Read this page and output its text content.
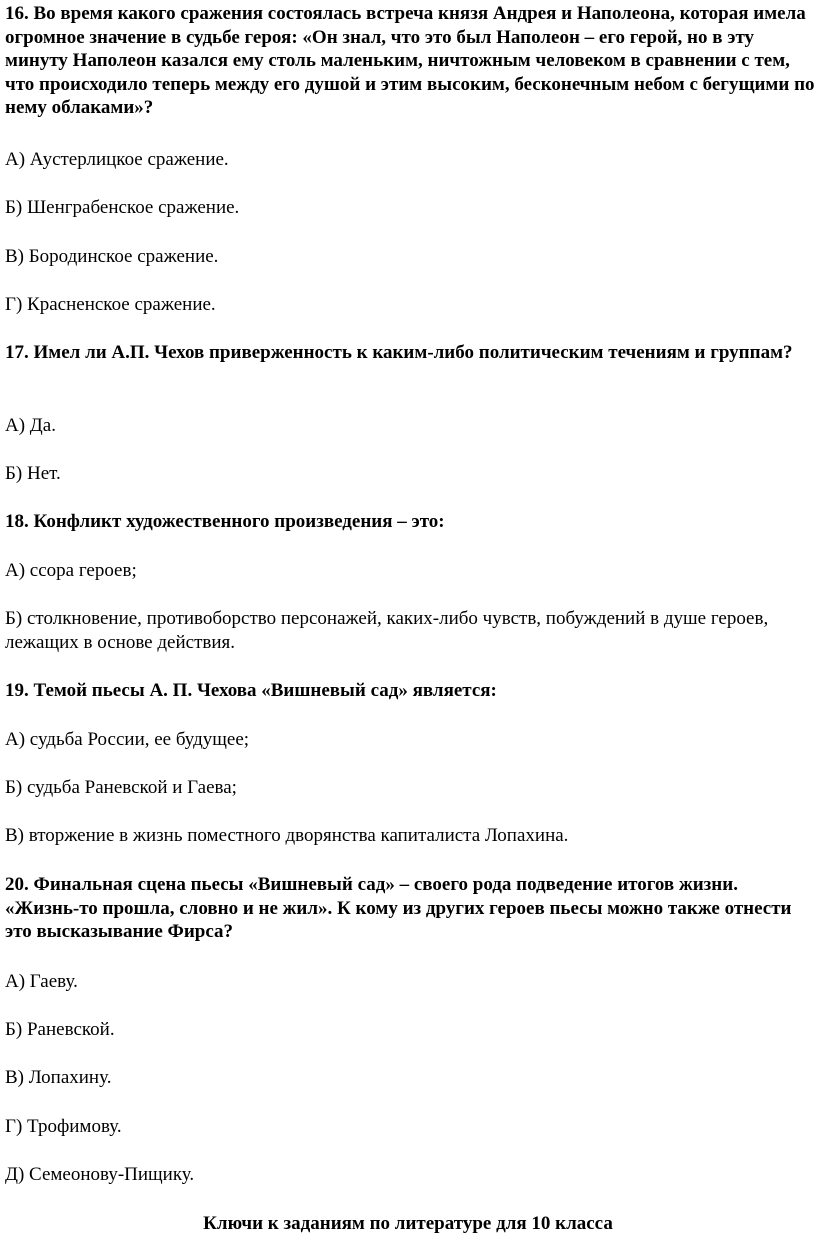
16. Во время какого сражения состоялась встреча князя Андрея и Наполеона, которая имела огромное значение в судьбе героя: «Он знал, что это был Наполеон – его герой, но в эту минуту Наполеон казался ему столь маленьким, ничтожным человеком в сравнении с тем, что происходило теперь между его душой и этим высоким, бесконечным небом с бегущими по нему облаками»?

А) Аустерлицкое сражение.

Б) Шенграбенское сражение.

В) Бородинское сражение.

Г) Красненское сражение.

17. Имел ли А.П. Чехов приверженность к каким-либо политическим течениям и группам?

А) Да.

Б) Нет.

18. Конфликт художественного произведения – это:

А) ссора героев;

Б) столкновение, противоборство персонажей, каких-либо чувств, побуждений в душе героев, лежащих в основе действия.

19. Темой пьесы А. П. Чехова «Вишневый сад» является:

А) судьба России, ее будущее;

Б) судьба Раневской и Гаева;

В) вторжение в жизнь поместного дворянства капиталиста Лопахина.

20. Финальная сцена пьесы «Вишневый сад» – своего рода подведение итогов жизни. «Жизнь-то прошла, словно и не жил». К кому из других героев пьесы можно также отнести это высказывание Фирса?

А) Гаеву.

Б) Раневской.

В) Лопахину.

Г) Трофимову.

Д) Семеонову-Пищику.

Ключи к заданиям по литературе для 10 класса
